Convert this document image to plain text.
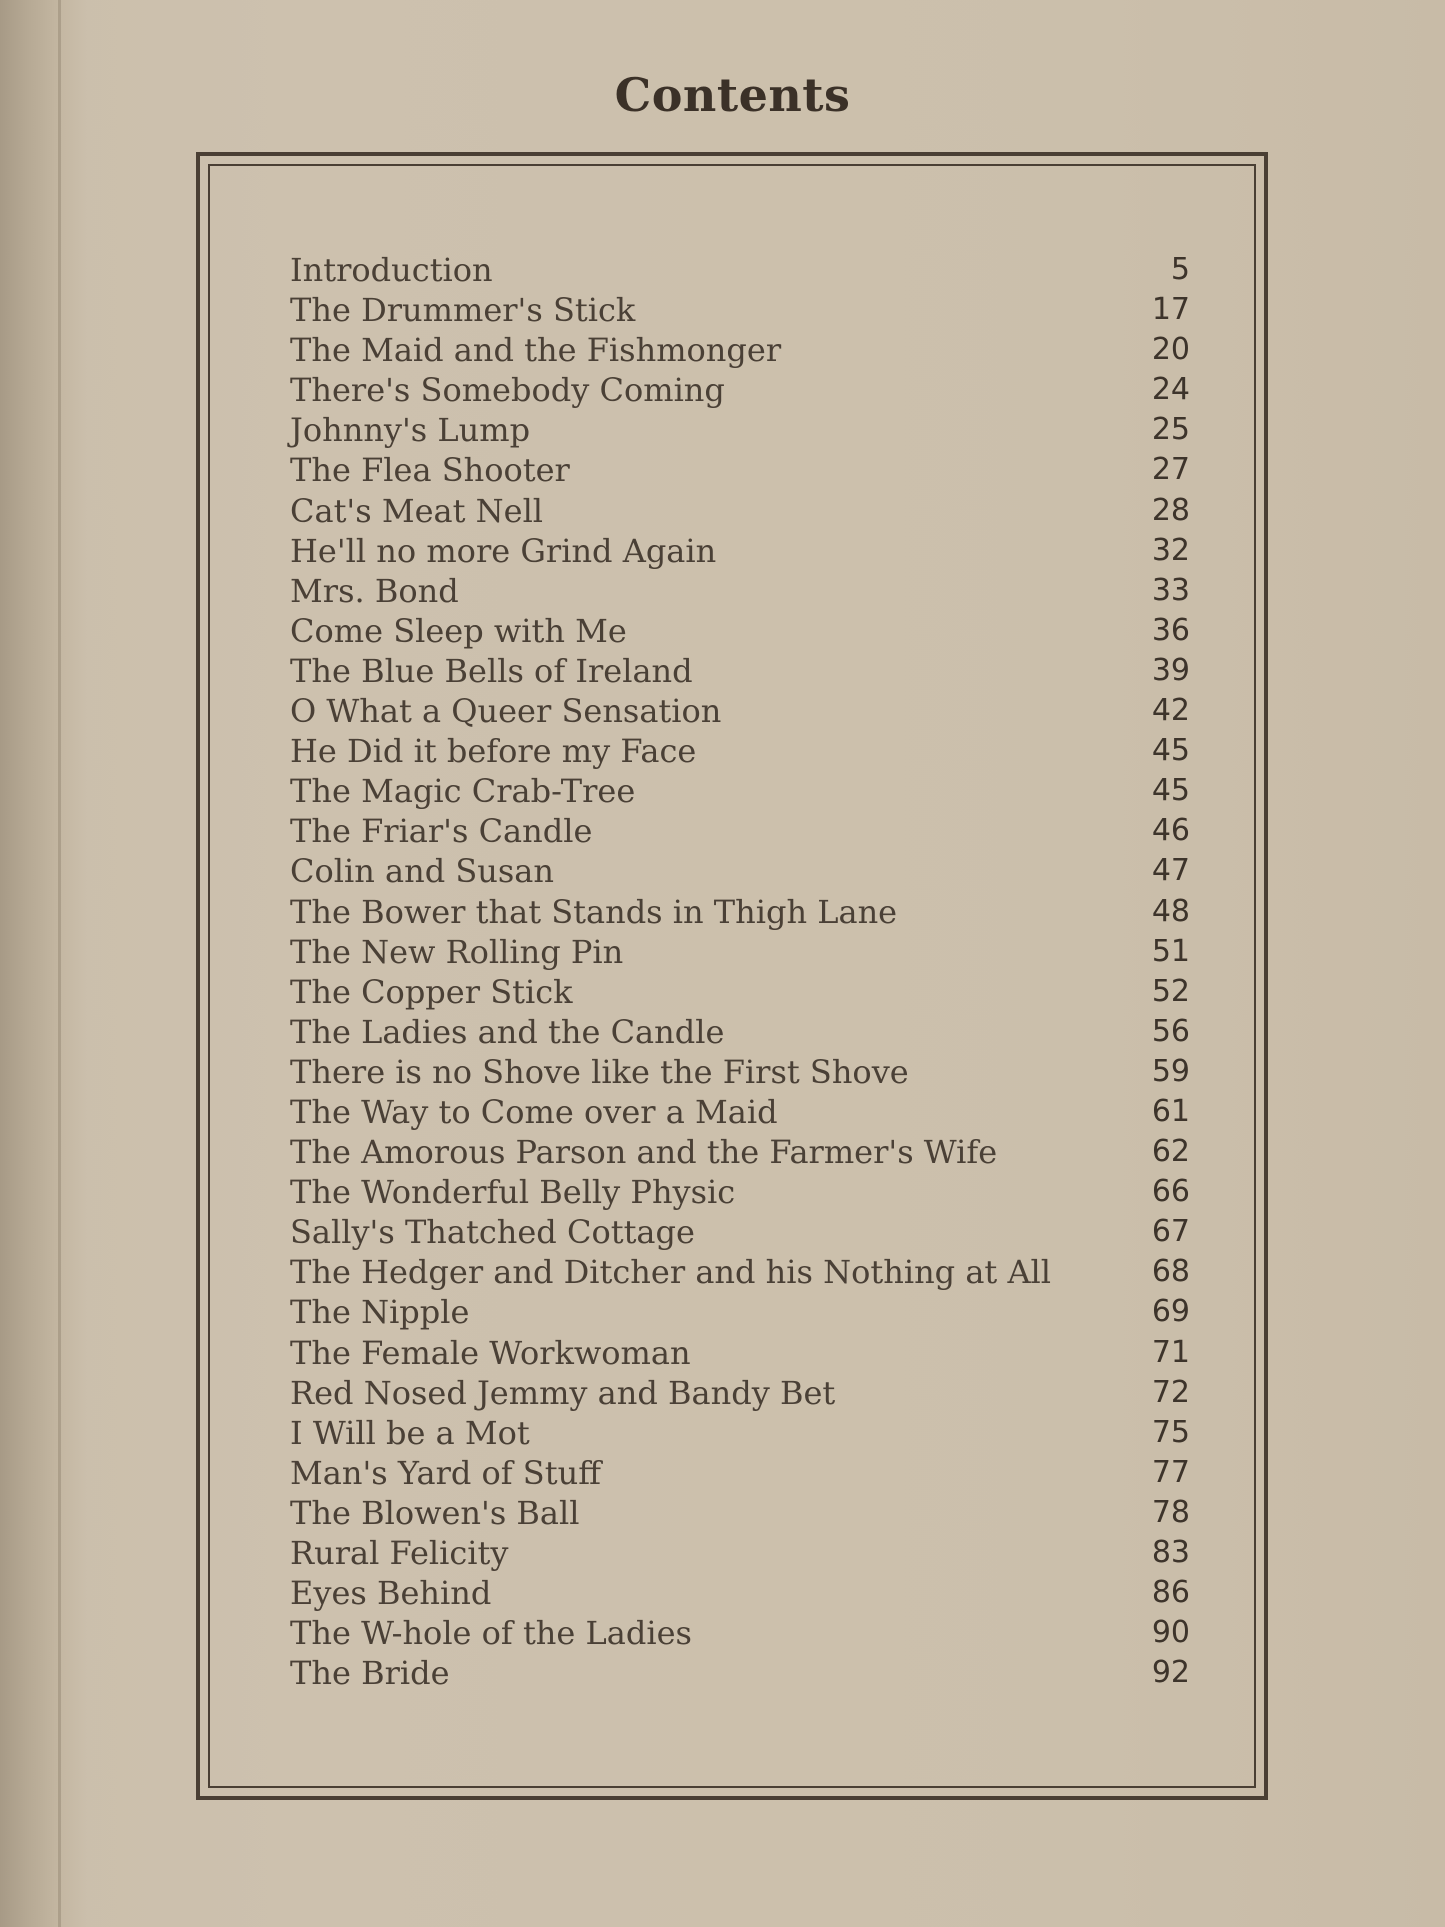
Contents
Introduction	5
The Drummer's Stick	17
The Maid and the Fishmonger	20
There's Somebody Coming	24
Johnny's Lump	25
The Flea Shooter	27
Cat's Meat Nell	28
He'll no more Grind Again	32
Mrs. Bond	33
Come Sleep with Me	36
The Blue Bells of Ireland	39
O What a Queer Sensation	42
He Did it before my Face	45
The Magic Crab-Tree	45
The Friar's Candle	46
Colin and Susan	47
The Bower that Stands in Thigh Lane	48
The New Rolling Pin	51
The Copper Stick	52
The Ladies and the Candle	56
There is no Shove like the First Shove	59
The Way to Come over a Maid	61
The Amorous Parson and the Farmer's Wife	62
The Wonderful Belly Physic	66
Sally's Thatched Cottage	67
The Hedger and Ditcher and his Nothing at All	68
The Nipple	69
The Female Workwoman	71
Red Nosed Jemmy and Bandy Bet	72
I Will be a Mot	75
Man's Yard of Stuff	77
The Blowen's Ball	78
Rural Felicity	83
Eyes Behind	86
The W-hole of the Ladies	90
The Bride	92
